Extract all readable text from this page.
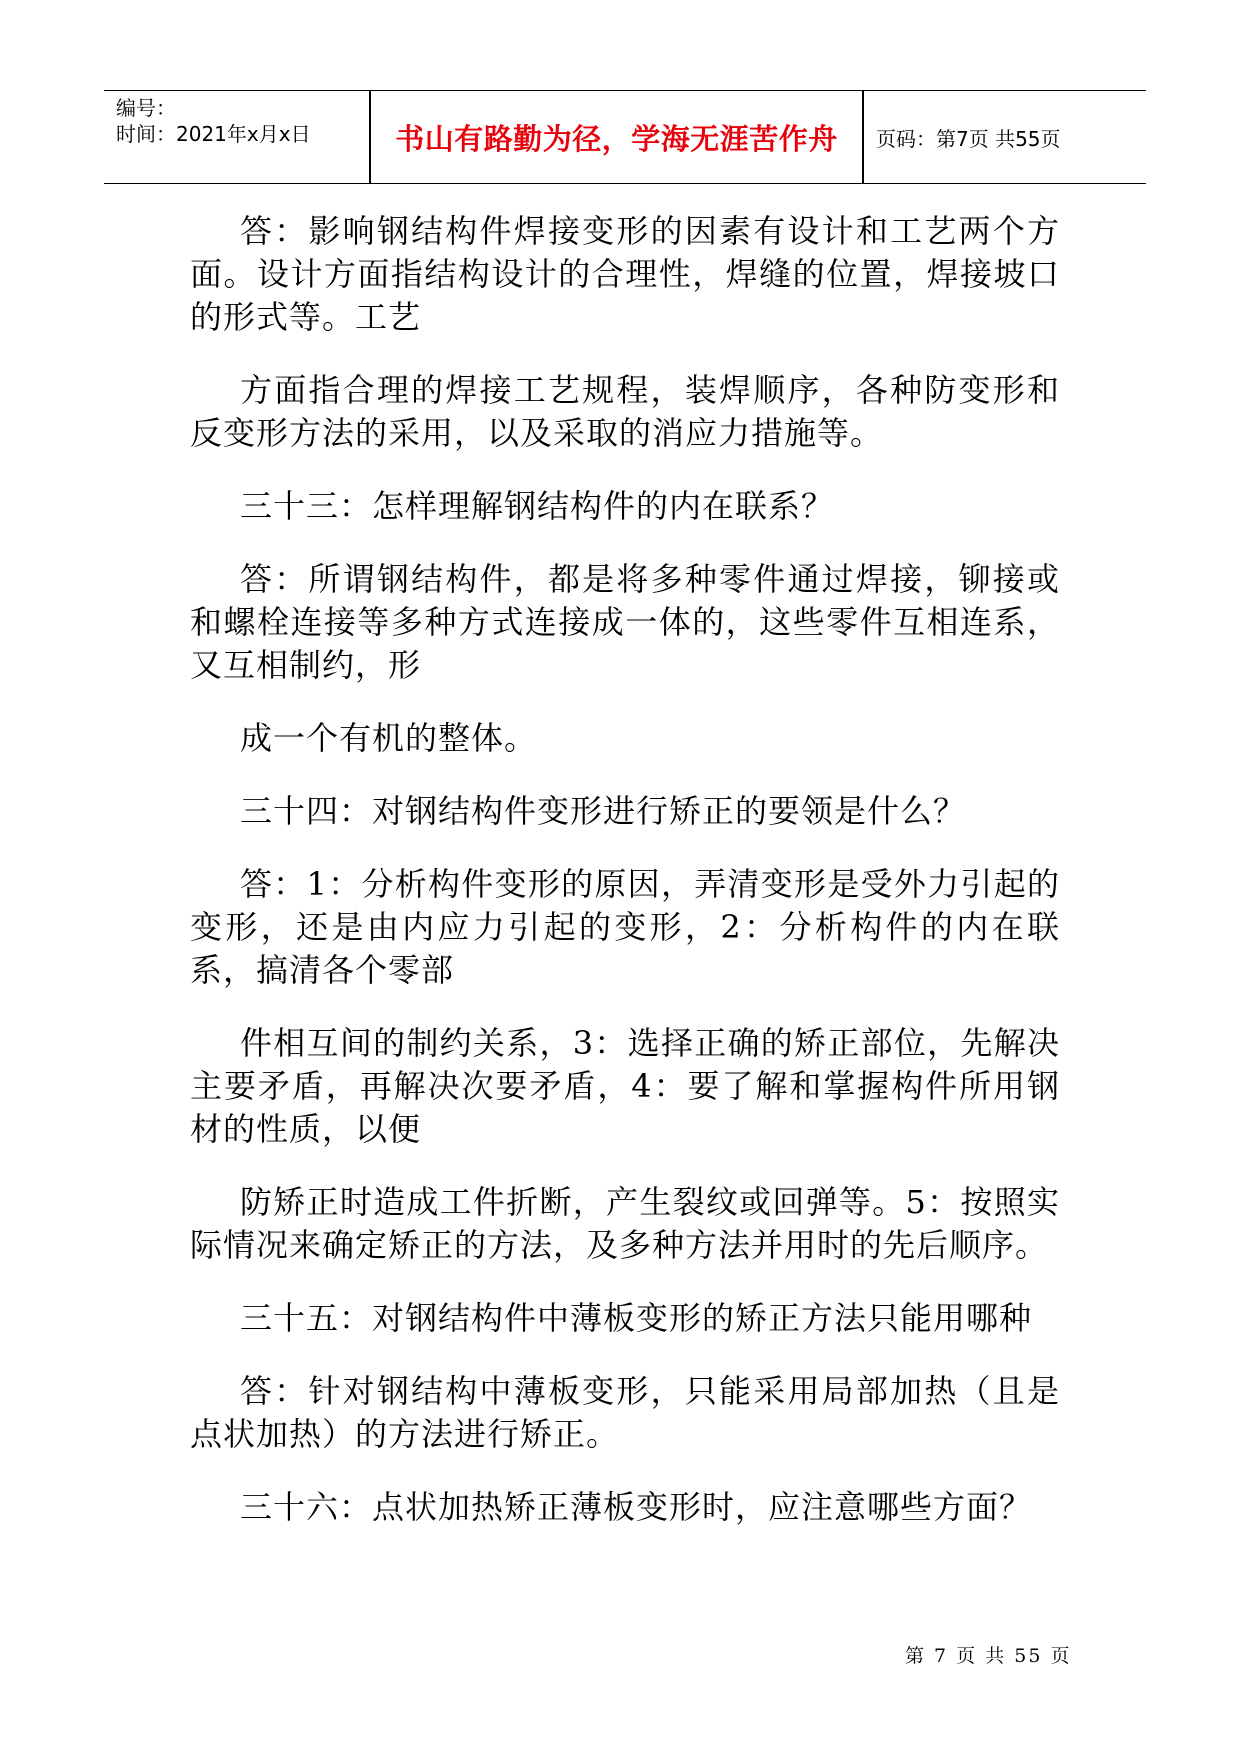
编号：
时间：2021年x月x日	书山有路勤为径，学海无涯苦作舟	页码：第7页 共55页

答：影响钢结构件焊接变形的因素有设计和工艺两个方面。设计方面指结构设计的合理性，焊缝的位置，焊接坡口的形式等。工艺

方面指合理的焊接工艺规程，装焊顺序，各种防变形和反变形方法的采用，以及采取的消应力措施等。

三十三：怎样理解钢结构件的内在联系？

答：所谓钢结构件，都是将多种零件通过焊接，铆接或和螺栓连接等多种方式连接成一体的，这些零件互相连系，又互相制约，形

成一个有机的整体。

三十四：对钢结构件变形进行矫正的要领是什么？

答：1：分析构件变形的原因，弄清变形是受外力引起的变形，还是由内应力引起的变形，2：分析构件的内在联系，搞清各个零部

件相互间的制约关系，3：选择正确的矫正部位，先解决主要矛盾，再解决次要矛盾，4：要了解和掌握构件所用钢材的性质，以便

防矫正时造成工件折断，产生裂纹或回弹等。5：按照实际情况来确定矫正的方法，及多种方法并用时的先后顺序。

三十五：对钢结构件中薄板变形的矫正方法只能用哪种

答：针对钢结构中薄板变形，只能采用局部加热（且是点状加热）的方法进行矫正。

三十六：点状加热矫正薄板变形时，应注意哪些方面？

第 7 页 共 55 页
